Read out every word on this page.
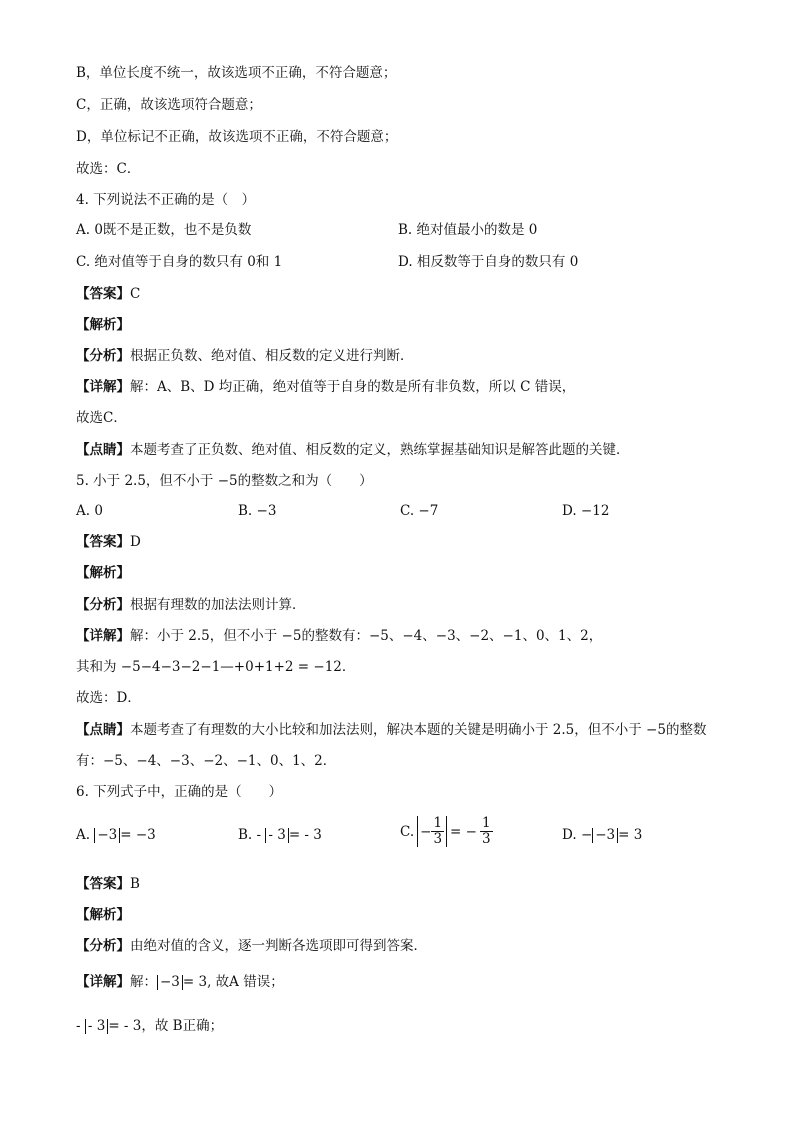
B，单位长度不统一，故该选项不正确，不符合题意；
C，正确，故该选项符合题意；
D，单位标记不正确，故该选项不正确，不符合题意；
故选：C．
4. 下列说法不正确的是（　）
A. 0既不是正数，也不是负数	B. 绝对值最小的数是 0
C. 绝对值等于自身的数只有 0和 1	D. 相反数等于自身的数只有 0
【答案】C
【解析】
【分析】根据正负数、绝对值、相反数的定义进行判断．
【详解】解：A、B、D 均正确，绝对值等于自身的数是所有非负数，所以 C 错误，
故选C．
【点睛】本题考查了正负数、绝对值、相反数的定义，熟练掌握基础知识是解答此题的关键．
5. 小于 2.5，但不小于 −5的整数之和为（　　）
A. 0	B. −3	C. −7	D. −12
【答案】D
【解析】
【分析】根据有理数的加法法则计算．
【详解】解：小于 2.5，但不小于 −5的整数有：−5、−4、−3、−2、−1、0、1、2，
其和为 −5−4−3−2−1—+0+1+2 = −12．
故选：D．
【点睛】本题考查了有理数的大小比较和加法法则，解决本题的关键是明确小于 2.5，但不小于 −5的整数
有：−5、−4、−3、−2、−1、0、1、2．
6. 下列式子中，正确的是（　　）
A. −3 = −3	B. - - 3 = - 3	C. − $\frac{1}{3}$ = − $\frac{1}{3}$	D. − −3 = 3
【答案】B
【解析】
【分析】由绝对值的含义，逐一判断各选项即可得到答案．
【详解】解： −3 = 3, 故A 错误；
- - 3 = - 3，故 B正确；
